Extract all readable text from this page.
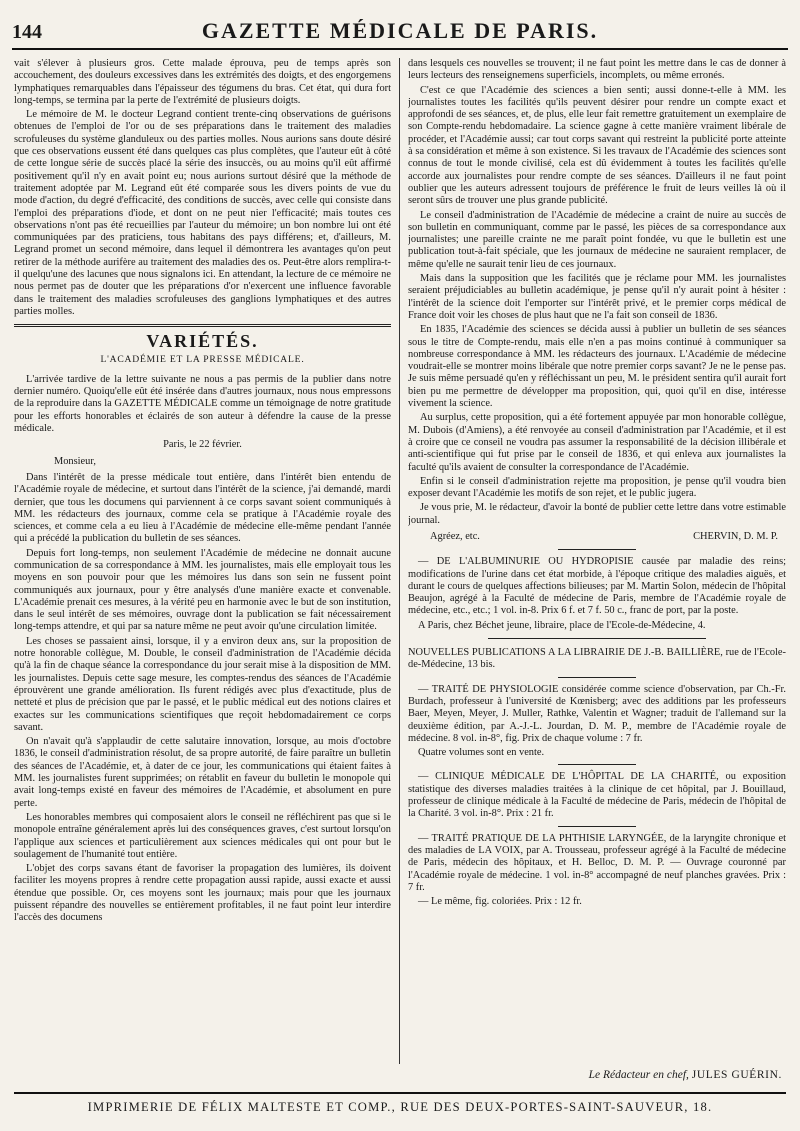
144	GAZETTE MÉDICALE DE PARIS.

vait s'élever à plusieurs gros. Cette malade éprouva, peu de temps après son accouchement, des douleurs excessives dans les extrémités des doigts, et des engorgemens lymphatiques remarquables dans l'épaisseur des tégumens du bras. Cet état, qui dura fort long-temps, se termina par la perte de l'extrémité de plusieurs doigts.

Le mémoire de M. le docteur Legrand contient trente-cinq observations de guérisons obtenues de l'emploi de l'or ou de ses préparations dans le traitement des maladies scrofuleuses du système glanduleux ou des parties molles. Nous aurions sans doute désiré que ces observations eussent été dans quelques cas plus complètes, que l'auteur eût à côté de cette longue série de succès placé la série des insuccès, ou au moins qu'il eût affirmé positivement qu'il n'y en avait point eu; nous aurions surtout désiré que la méthode de traitement adoptée par M. Legrand eût été comparée sous les divers points de vue du mode d'action, du degré d'efficacité, des conditions de succès, avec celle qui consiste dans l'emploi des préparations d'iode, et dont on ne peut nier l'efficacité; mais toutes ces observations n'ont pas été recueillies par l'auteur du mémoire; un bon nombre lui ont été communiquées par des praticiens, tous habitans des pays différens; et, d'ailleurs, M. Legrand promet un second mémoire, dans lequel il démontrera les avantages qu'on peut retirer de la méthode aurifère au traitement des maladies des os. Peut-être alors remplira-t-il quelqu'une des lacunes que nous signalons ici. En attendant, la lecture de ce mémoire ne nous permet pas de douter que les préparations d'or n'exercent une influence favorable dans le traitement des maladies scrofuleuses des ganglions lymphatiques et des autres parties molles.

VARIÉTÉS.
L'ACADÉMIE ET LA PRESSE MÉDICALE.

L'arrivée tardive de la lettre suivante ne nous a pas permis de la publier dans notre dernier numéro. Quoiqu'elle eût été insérée dans d'autres journaux, nous nous empressons de la reproduire dans la GAZETTE MÉDICALE comme un témoignage de notre gratitude pour les efforts honorables et éclairés de son auteur à défendre la cause de la presse médicale.

Paris, le 22 février.

Monsieur,

Dans l'intérêt de la presse médicale tout entière, dans l'intérêt bien entendu de l'Académie royale de médecine, et surtout dans l'intérêt de la science, j'ai demandé, mardi dernier, que tous les documens qui parviennent à ce corps savant soient communiqués à MM. les rédacteurs des journaux, comme cela se pratique à l'Académie royale des sciences, et comme cela a eu lieu à l'Académie de médecine elle-même pendant l'année qui a précédé la publication du bulletin de ses séances.

Depuis fort long-temps, non seulement l'Académie de médecine ne donnait aucune communication de sa correspondance à MM. les journalistes, mais elle employait tous les moyens en son pouvoir pour que les mémoires lus dans son sein ne fussent point communiqués aux journaux, pour y être analysés d'une manière exacte et convenable. L'Académie prenait ces mesures, à la vérité peu en harmonie avec le but de son institution, dans le seul intérêt de ses mémoires, ouvrage dont la publication se fait nécessairement long-temps attendre, et qui par sa nature même ne peut avoir qu'une circulation limitée.

Les choses se passaient ainsi, lorsque, il y a environ deux ans, sur la proposition de notre honorable collègue, M. Double, le conseil d'administration de l'Académie décida qu'à la fin de chaque séance la correspondance du jour serait mise à la disposition de MM. les journalistes. Depuis cette sage mesure, les comptes-rendus des séances de l'Académie éprouvèrent une grande amélioration. Ils furent rédigés avec plus d'exactitude, plus de netteté et plus de précision que par le passé, et le public médical eut des notions claires et exactes sur les communications scientifiques que reçoit hebdomadairement ce corps savant.

On n'avait qu'à s'applaudir de cette salutaire innovation, lorsque, au mois d'octobre 1836, le conseil d'administration résolut, de sa propre autorité, de faire paraître un bulletin des séances de l'Académie, et, à dater de ce jour, les communications qui étaient faites à MM. les journalistes furent supprimées; on rétablit en faveur du bulletin le monopole qui avait long-temps existé en faveur des mémoires de l'Académie, et absolument en pure perte.

Les honorables membres qui composaient alors le conseil ne réfléchirent pas que si le monopole entraîne généralement après lui des conséquences graves, c'est surtout lorsqu'on l'applique aux sciences et particulièrement aux sciences médicales qui ont pour but le soulagement de l'humanité tout entière.

L'objet des corps savans étant de favoriser la propagation des lumières, ils doivent faciliter les moyens propres à rendre cette propagation aussi rapide, aussi exacte et aussi étendue que possible. Or, ces moyens sont les journaux; mais pour que les journaux puissent répandre des nouvelles se entièrement profitables, il ne faut point leur interdire l'accès des documens

dans lesquels ces nouvelles se trouvent; il ne faut point les mettre dans le cas de donner à leurs lecteurs des renseignemens superficiels, incomplets, ou même erronés.

C'est ce que l'Académie des sciences a bien senti; aussi donne-t-elle à MM. les journalistes toutes les facilités qu'ils peuvent désirer pour rendre un compte exact et approfondi de ses séances, et, de plus, elle leur fait remettre gratuitement un exemplaire de son Compte-rendu hebdomadaire. La science gagne à cette manière vraiment libérale de procéder, et l'Académie aussi; car tout corps savant qui restreint la publicité porte atteinte à sa considération et même à son existence. Si les travaux de l'Académie des sciences sont connus de tout le monde civilisé, cela est dû évidemment à toutes les facilités qu'elle accorde aux journalistes pour rendre compte de ses séances. D'ailleurs il ne faut point oublier que les auteurs adressent toujours de préférence le fruit de leurs veilles là où il seront sûrs de trouver une plus grande publicité.

Le conseil d'administration de l'Académie de médecine a craint de nuire au succès de son bulletin en communiquant, comme par le passé, les pièces de sa correspondance aux journalistes; une pareille crainte ne me paraît point fondée, vu que le bulletin est une publication tout-à-fait spéciale, que les journaux de médecine ne sauraient remplacer, de même qu'elle ne saurait tenir lieu de ces journaux.

Mais dans la supposition que les facilités que je réclame pour MM. les journalistes seraient préjudiciables au bulletin académique, je pense qu'il n'y aurait point à hésiter : l'intérêt de la science doit l'emporter sur l'intérêt privé, et le premier corps médical de France doit voir les choses de plus haut que ne l'a fait son conseil de 1836.

En 1835, l'Académie des sciences se décida aussi à publier un bulletin de ses séances sous le titre de Compte-rendu, mais elle n'en a pas moins continué à communiquer sa nombreuse correspondance à MM. les rédacteurs des journaux. L'Académie de médecine voudrait-elle se montrer moins libérale que notre premier corps savant? Je ne le pense pas. Je suis même persuadé qu'en y réfléchissant un peu, M. le président sentira qu'il aurait fort bien pu me permettre de développer ma proposition, qui, quoi qu'il en dise, intéresse vivement la science.

Au surplus, cette proposition, qui a été fortement appuyée par mon honorable collègue, M. Dubois (d'Amiens), a été renvoyée au conseil d'administration par l'Académie, et il est à croire que ce conseil ne voudra pas assumer la responsabilité de la décision illibérale et anti-scientifique qui fut prise par le conseil de 1836, et qui enleva aux journalistes la faculté qu'ils avaient de consulter la correspondance de l'Académie.

Enfin si le conseil d'administration rejette ma proposition, je pense qu'il voudra bien exposer devant l'Académie les motifs de son rejet, et le public jugera.

Je vous prie, M. le rédacteur, d'avoir la bonté de publier cette lettre dans votre estimable journal.

Agréez, etc.	CHERVIN, D. M. P.

— DE L'ALBUMINURIE OU HYDROPISIE causée par maladie des reins; modifications de l'urine dans cet état morbide, à l'époque critique des maladies aiguës, et durant le cours de quelques affections bilieuses; par M. Martin Solon, médecin de l'hôpital Beaujon, agrégé à la Faculté de médecine de Paris, membre de l'Académie royale de médecine, etc., etc.; 1 vol. in-8. Prix 6 f. et 7 f. 50 c., franc de port, par la poste.

A Paris, chez Béchet jeune, libraire, place de l'Ecole-de-Médecine, 4.

NOUVELLES PUBLICATIONS A LA LIBRAIRIE DE J.-B. BAILLIÈRE, rue de l'Ecole-de-Médecine, 13 bis.

— TRAITÉ DE PHYSIOLOGIE considérée comme science d'observation, par Ch.-Fr. Burdach, professeur à l'université de Kœnisberg; avec des additions par les professeurs Baer, Meyen, Meyer, J. Muller, Rathke, Valentin et Wagner; traduit de l'allemand sur la deuxième édition, par A.-J.-L. Jourdan, D. M. P., membre de l'Académie royale de médecine. 8 vol. in-8°, fig. Prix de chaque volume : 7 fr.

Quatre volumes sont en vente.

— CLINIQUE MÉDICALE DE L'HÔPITAL DE LA CHARITÉ, ou exposition statistique des diverses maladies traitées à la clinique de cet hôpital, par J. Bouillaud, professeur de clinique médicale à la Faculté de médecine de Paris, médecin de l'hôpital de la Charité. 3 vol. in-8°. Prix : 21 fr.

— TRAITÉ PRATIQUE DE LA PHTHISIE LARYNGÉE, de la laryngite chronique et des maladies de LA VOIX, par A. Trousseau, professeur agrégé à la Faculté de médecine de Paris, médecin des hôpitaux, et H. Belloc, D. M. P. — Ouvrage couronné par l'Académie royale de médecine. 1 vol. in-8° accompagné de neuf planches gravées. Prix : 7 fr.

— Le même, fig. coloriées. Prix : 12 fr.

Le Rédacteur en chef, JULES GUÉRIN.
IMPRIMERIE DE FÉLIX MALTESTE ET COMP., RUE DES DEUX-PORTES-SAINT-SAUVEUR, 18.
